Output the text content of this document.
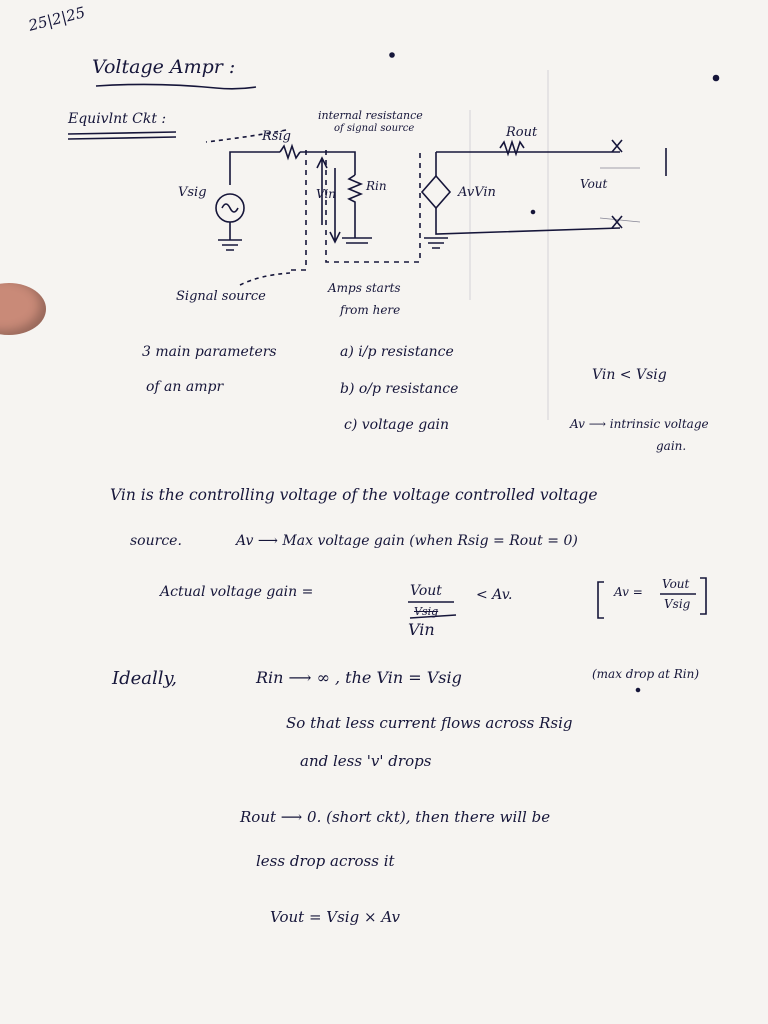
25|2|25
Voltage Ampr :
Equivlnt Ckt :
Rsig
internal resistance
of signal source	Rout
Vsig	Vin
Rin	AvVin
Vout
Signal source
Amps starts
from here
3 main parameters
of an ampr
a) i/p resistance
b) o/p resistance
c) voltage gain
Vin < Vsig
Av ⟶ intrinsic voltage
gain.
Vin is the controlling voltage of the voltage controlled voltage
source.	Av ⟶ Max voltage gain (when Rsig = Rout = 0)
Actual voltage gain =	Vout
Vsig
Vin
< Av.	Av =
Vout
Vsig
Ideally,	Rin ⟶ ∞ , the Vin = Vsig	(max drop at Rin)
So that less current flows across Rsig
and less 'v' drops
Rout ⟶ 0. (short ckt), then there will be
less drop across it
Vout = Vsig × Av
